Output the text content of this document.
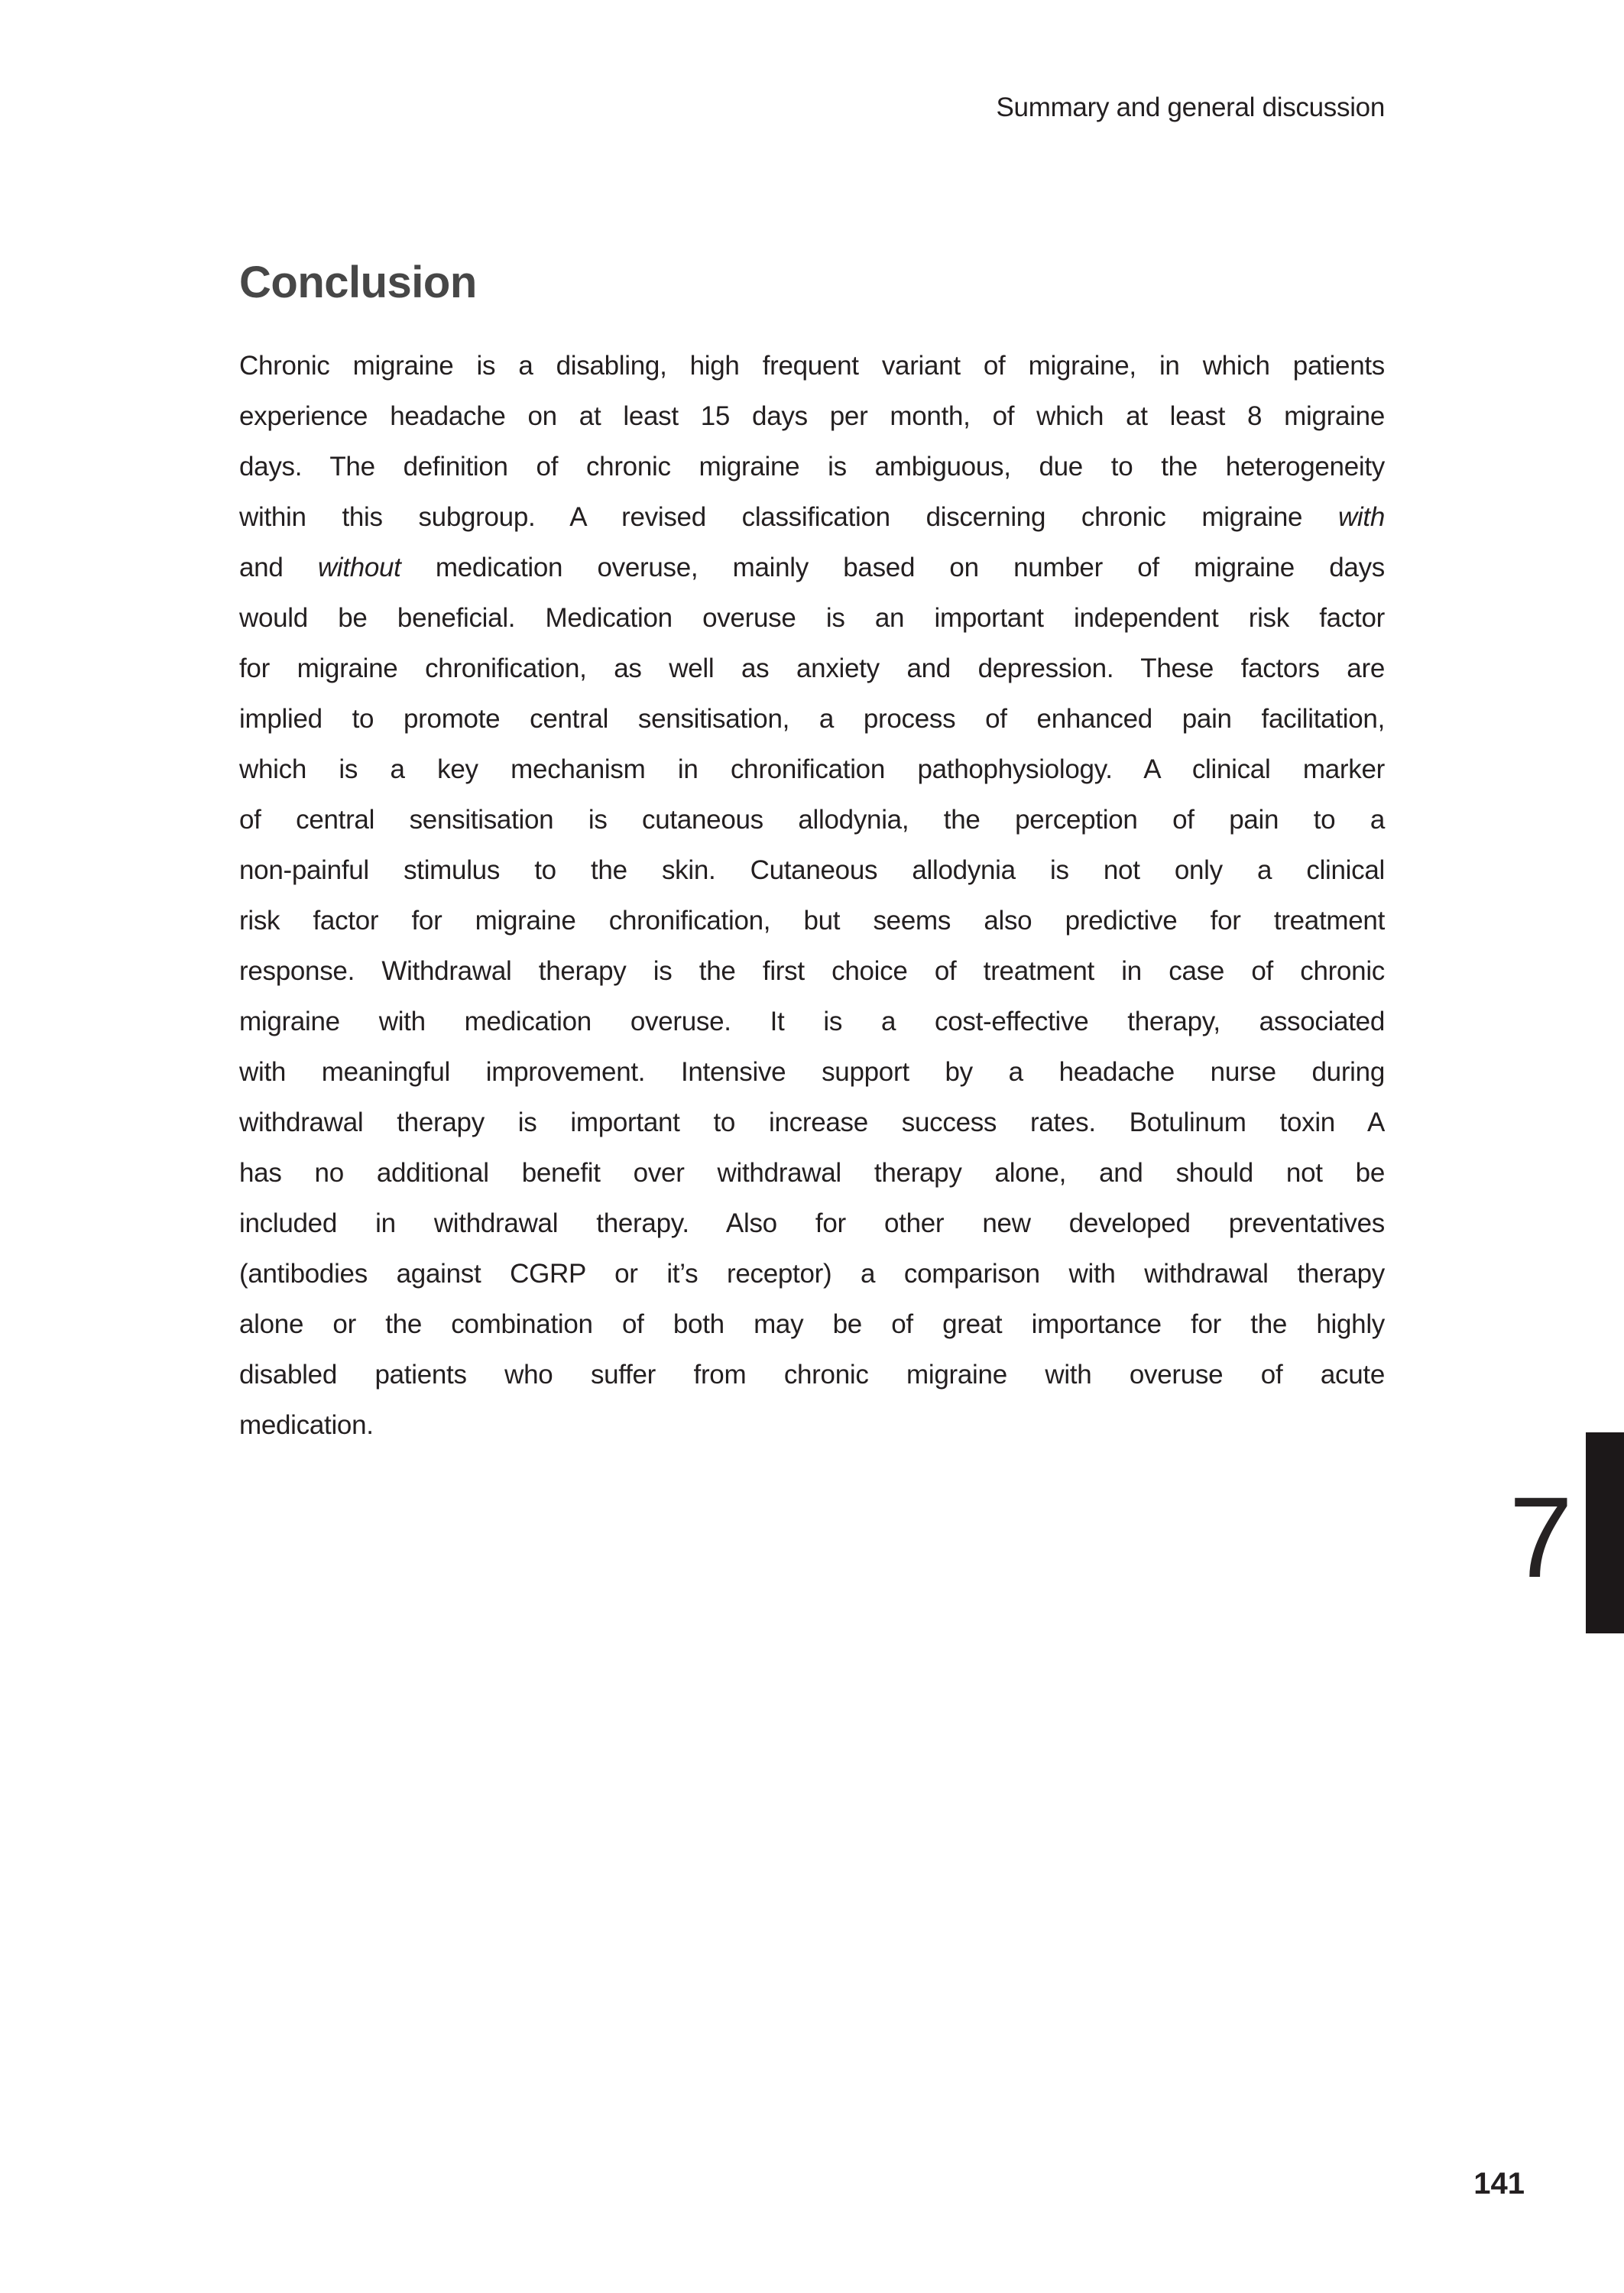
Summary and general discussion
Conclusion
Chronic migraine is a disabling, high frequent variant of migraine, in which patients
experience headache on at least 15 days per month, of which at least 8 migraine
days. The definition of chronic migraine is ambiguous, due to the heterogeneity
within this subgroup. A revised classification discerning chronic migraine with
and without medication overuse, mainly based on number of migraine days
would be beneficial. Medication overuse is an important independent risk factor
for migraine chronification, as well as anxiety and depression. These factors are
implied to promote central sensitisation, a process of enhanced pain facilitation,
which is a key mechanism in chronification pathophysiology. A clinical marker
of central sensitisation is cutaneous allodynia, the perception of pain to a
non-painful stimulus to the skin. Cutaneous allodynia is not only a clinical
risk factor for migraine chronification, but seems also predictive for treatment
response. Withdrawal therapy is the first choice of treatment in case of chronic
migraine with medication overuse. It is a cost-effective therapy, associated
with meaningful improvement. Intensive support by a headache nurse during
withdrawal therapy is important to increase success rates. Botulinum toxin A
has no additional benefit over withdrawal therapy alone, and should not be
included in withdrawal therapy. Also for other new developed preventatives
(antibodies against CGRP or it’s receptor) a comparison with withdrawal therapy
alone or the combination of both may be of great importance for the highly
disabled patients who suffer from chronic migraine with overuse of acute
medication.
7
141
